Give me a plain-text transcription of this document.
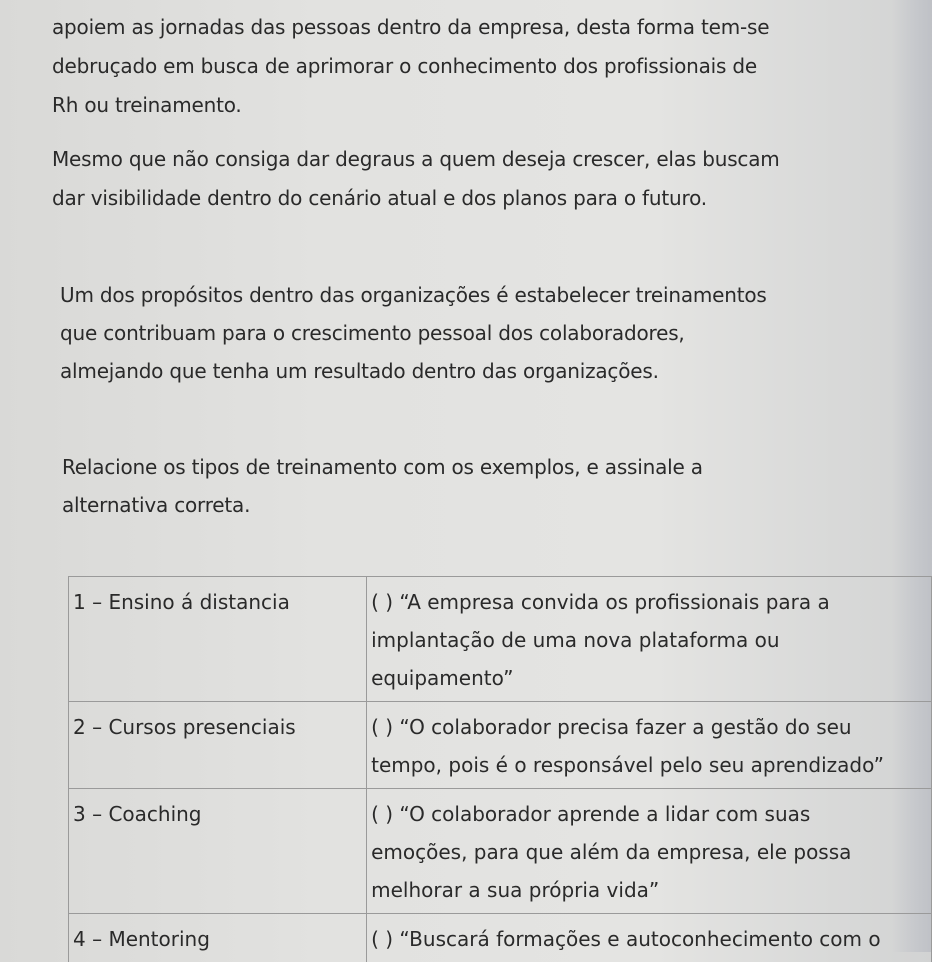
apoiem as jornadas das pessoas dentro da empresa, desta forma tem-se
debruçado em busca de aprimorar o conhecimento dos profissionais de
Rh ou treinamento.

Mesmo que não consiga dar degraus a quem deseja crescer, elas buscam
dar visibilidade dentro do cenário atual e dos planos para o futuro.

Um dos propósitos dentro das organizações é estabelecer treinamentos
que contribuam para o crescimento pessoal dos colaboradores,
almejando que tenha um resultado dentro das organizações.

Relacione os tipos de treinamento com os exemplos, e assinale a
alternativa correta.

1 – Ensino á distancia	( ) “A empresa convida os profissionais para a
implantação de uma nova plataforma ou
equipamento”

2 – Cursos presenciais	( ) “O colaborador precisa fazer a gestão do seu
tempo, pois é o responsável pelo seu aprendizado”

3 – Coaching	( ) “O colaborador aprende a lidar com suas
emoções, para que além da empresa, ele possa
melhorar a sua própria vida”

4 – Mentoring	( ) “Buscará formações e autoconhecimento com o
